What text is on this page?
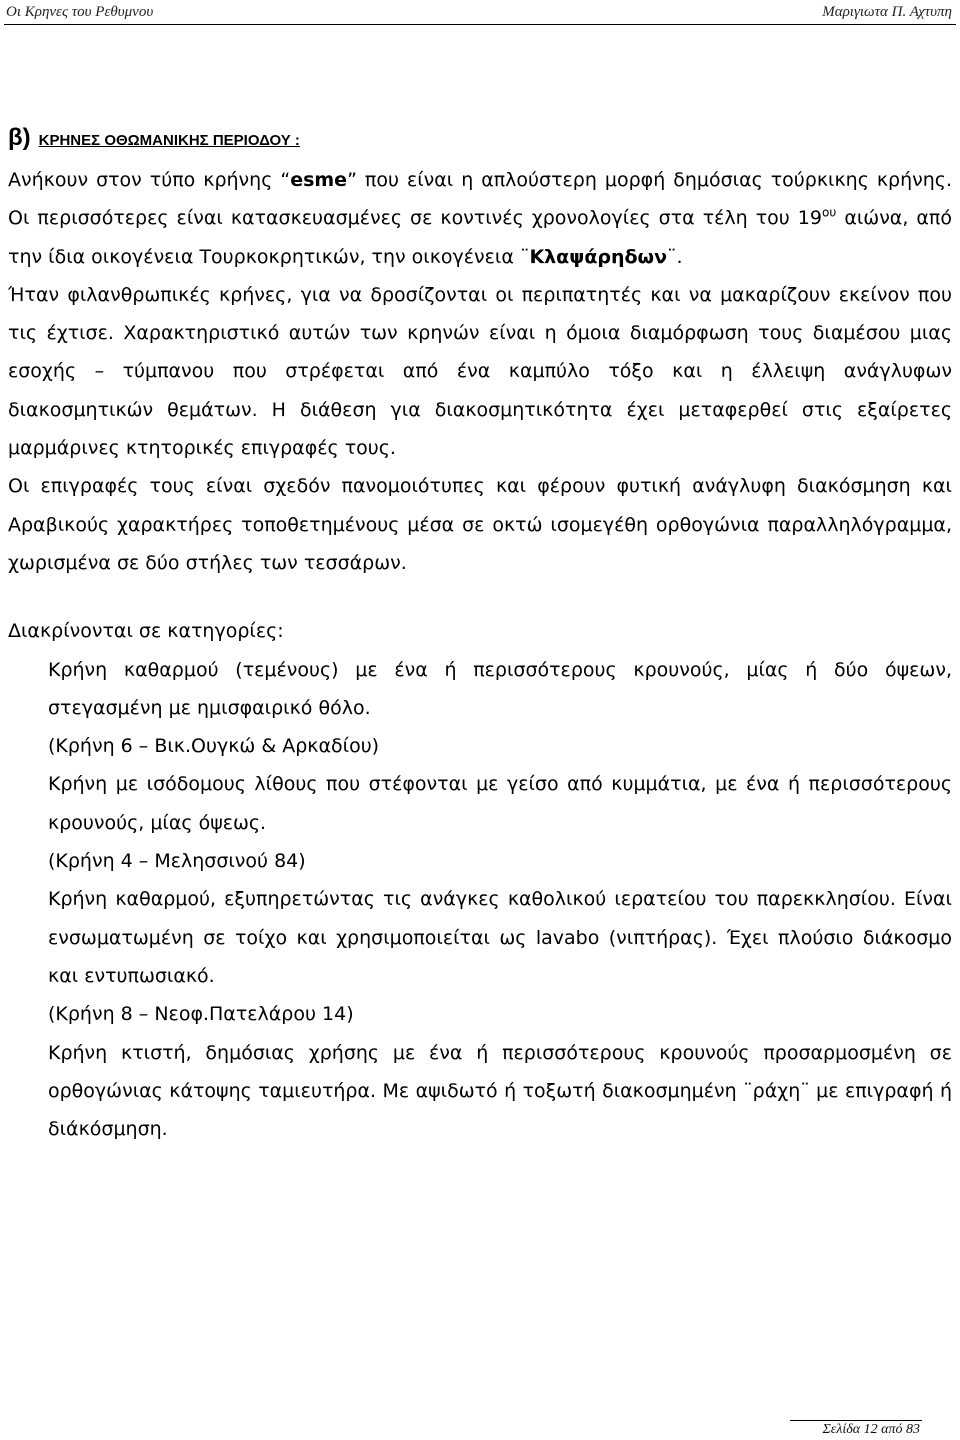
Οι Κρηνες του Ρεθυμνου	Μαριγιωτα Π. Αχτυπη

β) ΚΡΗΝΕΣ ΟΘΩΜΑΝΙΚΗΣ ΠΕΡΙΟΔΟΥ :

Ανήκουν στον τύπο κρήνης “esme” που είναι η απλούστερη μορφή δημόσιας τούρκικης κρήνης. Οι περισσότερες είναι κατασκευασμένες σε κοντινές χρονολογίες στα τέλη του $19^{o\upsilon}$ αιώνα, από την ίδια οικογένεια Τουρκοκρητικών, την οικογένεια ¨Κλαψάρηδων¨.

Ήταν φιλανθρωπικές κρήνες, για να δροσίζονται οι περιπατητές και να μακαρίζουν εκείνον που τις έχτισε. Χαρακτηριστικό αυτών των κρηνών είναι η όμοια διαμόρφωση τους διαμέσου μιας εσοχής – τύμπανου που στρέφεται από ένα καμπύλο τόξο και η έλλειψη ανάγλυφων διακοσμητικών θεμάτων. Η διάθεση για διακοσμητικότητα έχει μεταφερθεί στις εξαίρετες μαρμάρινες κτητορικές επιγραφές τους.

Οι επιγραφές τους είναι σχεδόν πανομοιότυπες και φέρουν φυτική ανάγλυφη διακόσμηση και Αραβικούς χαρακτήρες τοποθετημένους μέσα σε οκτώ ισομεγέθη ορθογώνια παραλληλόγραμμα, χωρισμένα σε δύο στήλες των τεσσάρων.

Διακρίνονται σε κατηγορίες:

Κρήνη καθαρμού (τεμένους) με ένα ή περισσότερους κρουνούς, μίας ή δύο όψεων, στεγασμένη με ημισφαιρικό θόλο.

(Κρήνη 6 – Βικ.Ουγκώ & Αρκαδίου)

Κρήνη με ισόδομους λίθους που στέφονται με γείσο από κυμμάτια, με ένα ή περισσότερους κρουνούς, μίας όψεως.

(Κρήνη 4 – Μελησσινού 84)

Κρήνη καθαρμού, εξυπηρετώντας τις ανάγκες καθολικού ιερατείου του παρεκκλησίου. Είναι ενσωματωμένη σε τοίχο και χρησιμοποιείται ως lavabo (νιπτήρας). Έχει πλούσιο διάκοσμο και εντυπωσιακό.

(Κρήνη 8 – Νεοφ.Πατελάρου 14)

Κρήνη κτιστή, δημόσιας χρήσης με ένα ή περισσότερους κρουνούς προσαρμοσμένη σε ορθογώνιας κάτοψης ταμιευτήρα. Με αψιδωτό ή τοξωτή διακοσμημένη ¨ράχη¨ με επιγραφή ή διάκόσμηση.

Σελίδα 12 από 83
